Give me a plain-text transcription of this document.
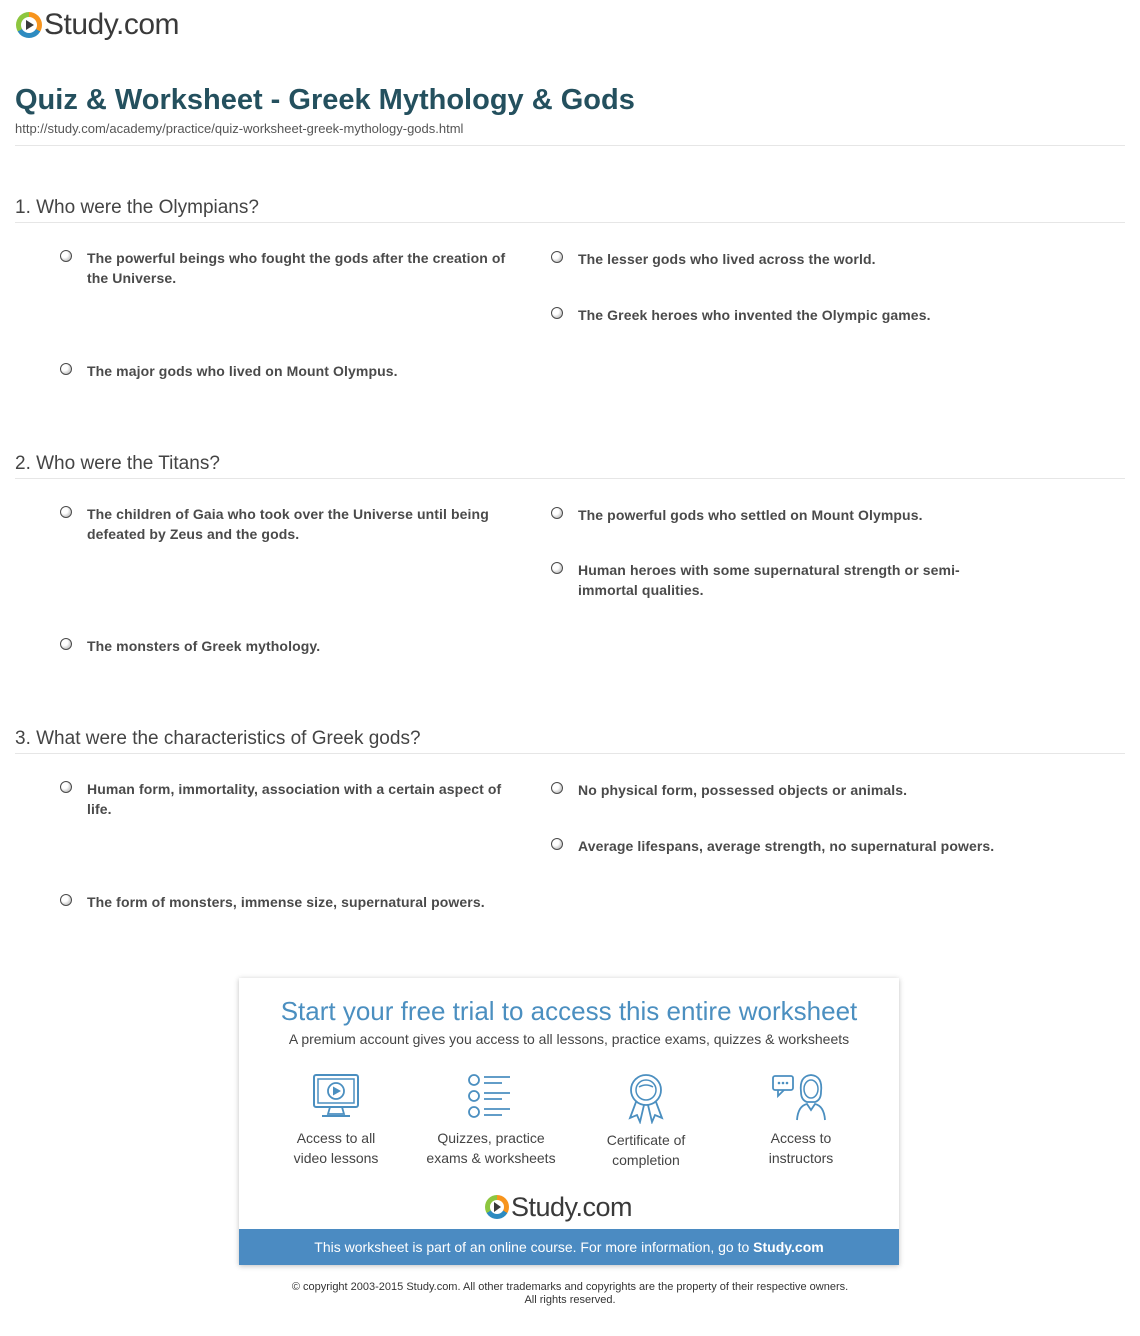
Study.com
Quiz & Worksheet - Greek Mythology & Gods
http://study.com/academy/practice/quiz-worksheet-greek-mythology-gods.html
1. Who were the Olympians?
The powerful beings who fought the gods after the creation of the Universe.
The lesser gods who lived across the world.
The Greek heroes who invented the Olympic games.
The major gods who lived on Mount Olympus.
2. Who were the Titans?
The children of Gaia who took over the Universe until being defeated by Zeus and the gods.
The powerful gods who settled on Mount Olympus.
Human heroes with some supernatural strength or semi-immortal qualities.
The monsters of Greek mythology.
3. What were the characteristics of Greek gods?
Human form, immortality, association with a certain aspect of life.
No physical form, possessed objects or animals.
Average lifespans, average strength, no supernatural powers.
The form of monsters, immense size, supernatural powers.
Start your free trial to access this entire worksheet
A premium account gives you access to all lessons, practice exams, quizzes & worksheets
Access to all
video lessons
Quizzes, practice
exams & worksheets
Certificate of
completion
Access to
instructors
Study.com
This worksheet is part of an online course. For more information, go to Study.com
© copyright 2003-2015 Study.com. All other trademarks and copyrights are the property of their respective owners.
All rights reserved.
